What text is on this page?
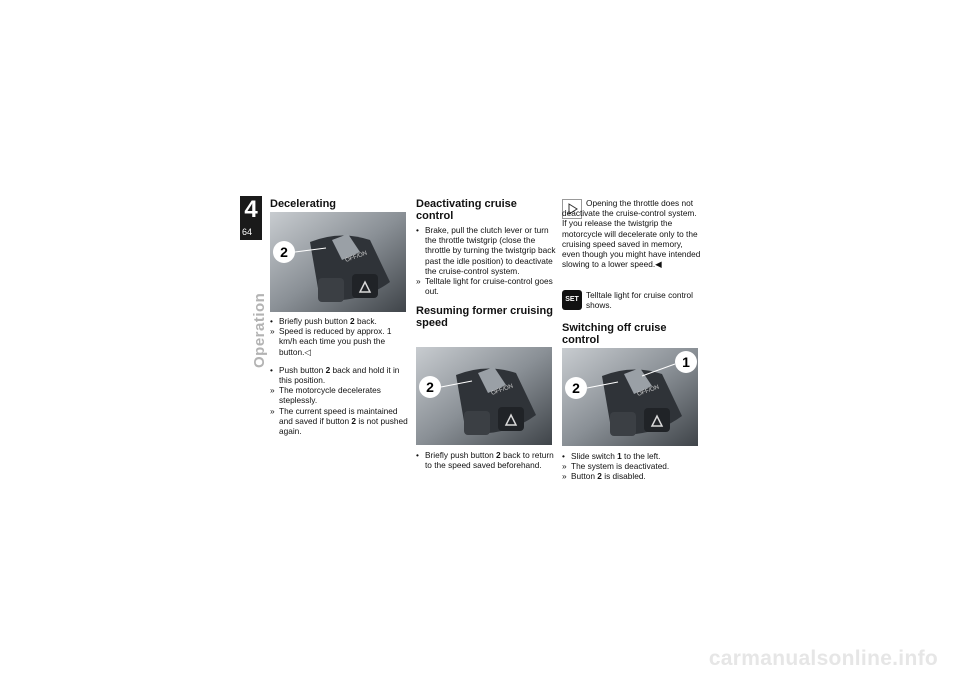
4
64
Operation
Decelerating
2	OFF/ON

• Briefly push button 2 back.

» Speed is reduced by approx. 1 km/h each time you push the button.◁

• Push button 2 back and hold it in this position.

» The motorcycle decelerates steplessly.

» The current speed is maintained and saved if button 2 is not pushed again.

Deactivating cruise control

• Brake, pull the clutch lever or turn the throttle twistgrip (close the throttle by turning the twistgrip back past the idle position) to deactivate the cruise-control system.

» Telltale light for cruise-control goes out.

Resuming former cruising speed
2	OFF/ON

• Briefly push button 2 back to return to the speed saved beforehand.

Opening the throttle does not deactivate the cruise-control system. If you release the twistgrip the motorcycle will decelerate only to the cruising speed saved in memory, even though you might have intended slowing to a lower speed.◀

SET Telltale light for cruise control shows.

Switching off cruise control
1
2	OFF/ON

• Slide switch 1 to the left.

» The system is deactivated.

» Button 2 is disabled.

carmanualsonline.info
